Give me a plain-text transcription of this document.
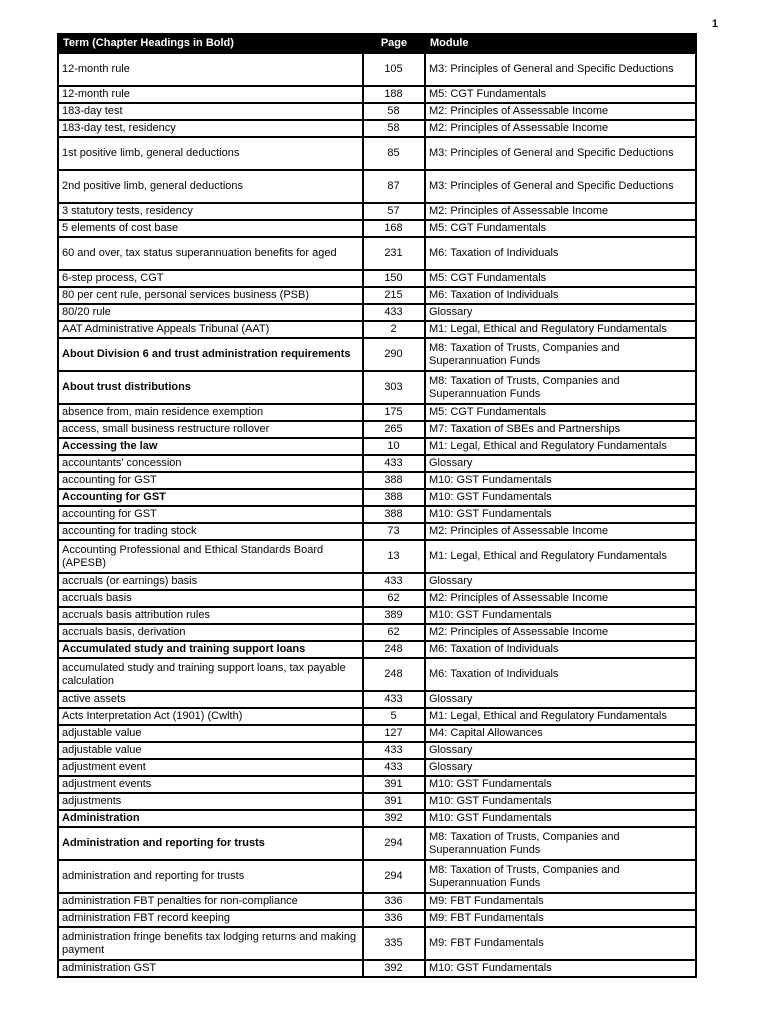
1
Term (Chapter Headings in Bold)	Page	Module
12-month rule	105	M3: Principles of General and Specific Deductions
12-month rule	188	M5: CGT Fundamentals
183-day test	58	M2: Principles of Assessable Income
183-day test, residency	58	M2: Principles of Assessable Income
1st positive limb, general deductions	85	M3: Principles of General and Specific Deductions
2nd positive limb, general deductions	87	M3: Principles of General and Specific Deductions
3 statutory tests, residency	57	M2: Principles of Assessable Income
5 elements of cost base	168	M5: CGT Fundamentals
60 and over, tax status superannuation benefits for aged	231	M6: Taxation of Individuals
6-step process, CGT	150	M5: CGT Fundamentals
80 per cent rule, personal services business (PSB)	215	M6: Taxation of Individuals
80/20 rule	433	Glossary
AAT Administrative Appeals Tribunal (AAT)	2	M1: Legal, Ethical and Regulatory Fundamentals
About Division 6 and trust administration requirements	290	M8: Taxation of Trusts, Companies and Superannuation Funds
About trust distributions	303	M8: Taxation of Trusts, Companies and Superannuation Funds
absence from, main residence exemption	175	M5: CGT Fundamentals
access, small business restructure rollover	265	M7: Taxation of SBEs and Partnerships
Accessing the law	10	M1: Legal, Ethical and Regulatory Fundamentals
accountants' concession	433	Glossary
accounting for GST	388	M10: GST Fundamentals
Accounting for GST	388	M10: GST Fundamentals
accounting for GST	388	M10: GST Fundamentals
accounting for trading stock	73	M2: Principles of Assessable Income
Accounting Professional and Ethical Standards Board (APESB)	13	M1: Legal, Ethical and Regulatory Fundamentals
accruals (or earnings) basis	433	Glossary
accruals basis	62	M2: Principles of Assessable Income
accruals basis attribution rules	389	M10: GST Fundamentals
accruals basis, derivation	62	M2: Principles of Assessable Income
Accumulated study and training support loans	248	M6: Taxation of Individuals
accumulated study and training support loans, tax payable calculation	248	M6: Taxation of Individuals
active assets	433	Glossary
Acts Interpretation Act (1901) (Cwlth)	5	M1: Legal, Ethical and Regulatory Fundamentals
adjustable value	127	M4: Capital Allowances
adjustable value	433	Glossary
adjustment event	433	Glossary
adjustment events	391	M10: GST Fundamentals
adjustments	391	M10: GST Fundamentals
Administration	392	M10: GST Fundamentals
Administration and reporting for trusts	294	M8: Taxation of Trusts, Companies and Superannuation Funds
administration and reporting for trusts	294	M8: Taxation of Trusts, Companies and Superannuation Funds
administration FBT penalties for non-compliance	336	M9: FBT Fundamentals
administration FBT record keeping	336	M9: FBT Fundamentals
administration fringe benefits tax lodging returns and making payment	335	M9: FBT Fundamentals
administration GST	392	M10: GST Fundamentals
